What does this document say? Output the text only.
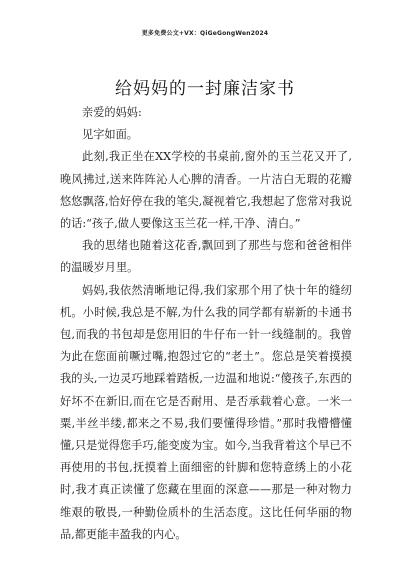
更多免费公文+VX：QiGeGongWen2024
给妈妈的一封廉洁家书

亲爱的妈妈:

见字如面。

此刻,我正坐在XX学校的书桌前,窗外的玉兰花又开了,晚风拂过,送来阵阵沁人心脾的清香。一片洁白无瑕的花瓣悠悠飘落,恰好停在我的笔尖,凝视着它,我想起了您常对我说的话:“孩子,做人要像这玉兰花一样,干净、清白。”

我的思绪也随着这花香,飘回到了那些与您和爸爸相伴的温暖岁月里。

妈妈,我依然清晰地记得,我们家那个用了快十年的缝纫机。小时候,我总是不解,为什么我的同学都有崭新的卡通书包,而我的书包却是您用旧的牛仔布一针一线缝制的。我曾为此在您面前噘过嘴,抱怨过它的“老土”。您总是笑着摸摸我的头,一边灵巧地踩着踏板,一边温和地说:“傻孩子,东西的好坏不在新旧,而在它是否耐用、是否承载着心意。一米一粟,半丝半缕,都来之不易,我们要懂得珍惜。”那时我懵懵懂懂,只是觉得您手巧,能变废为宝。如今,当我背着这个早已不再使用的书包,抚摸着上面细密的针脚和您特意绣上的小花时,我才真正读懂了您藏在里面的深意——那是一种对物力维艰的敬畏,一种勤俭质朴的生活态度。这比任何华丽的物品,都更能丰盈我的内心。
